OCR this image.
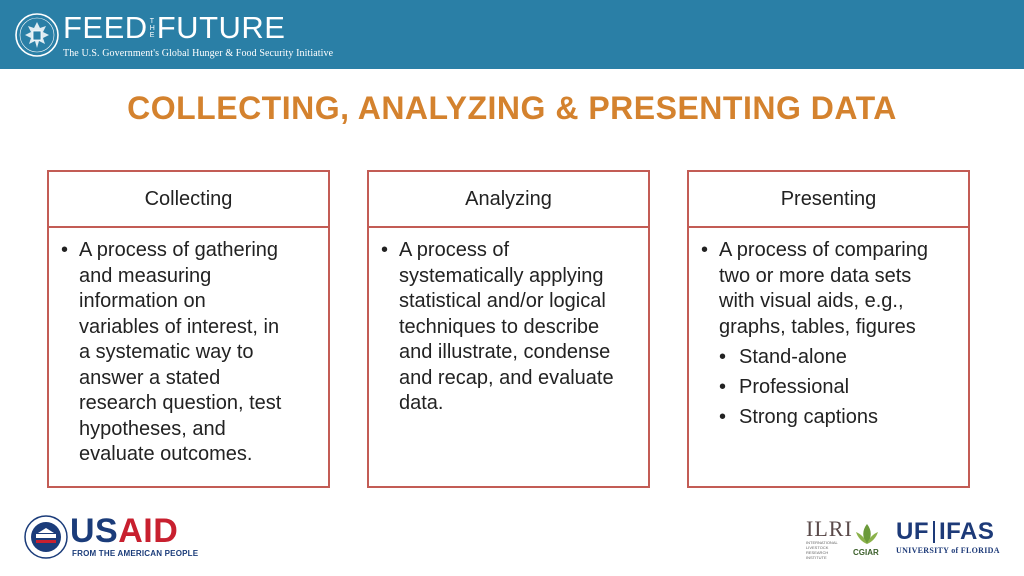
FEED T
H
E FUTURE
The U.S. Government's Global Hunger & Food Security Initiative
COLLECTING, ANALYZING & PRESENTING DATA
Collecting
• A process of gathering
and measuring
information on
variables of interest, in
a systematic way to
answer a stated
research question, test
hypotheses, and
evaluate outcomes.
Analyzing
• A process of
systematically applying
statistical and/or logical
techniques to describe
and illustrate, condense
and recap, and evaluate
data.
Presenting
• A process of comparing
two or more data sets
with visual aids, e.g.,
graphs, tables, figures
• Stand-alone
• Professional
• Strong captions
USAID
FROM THE AMERICAN PEOPLE
ILRI
INTERNATIONAL LIVESTOCK RESEARCH INSTITUTE
CGIAR
UF IFAS
UNIVERSITY of FLORIDA
